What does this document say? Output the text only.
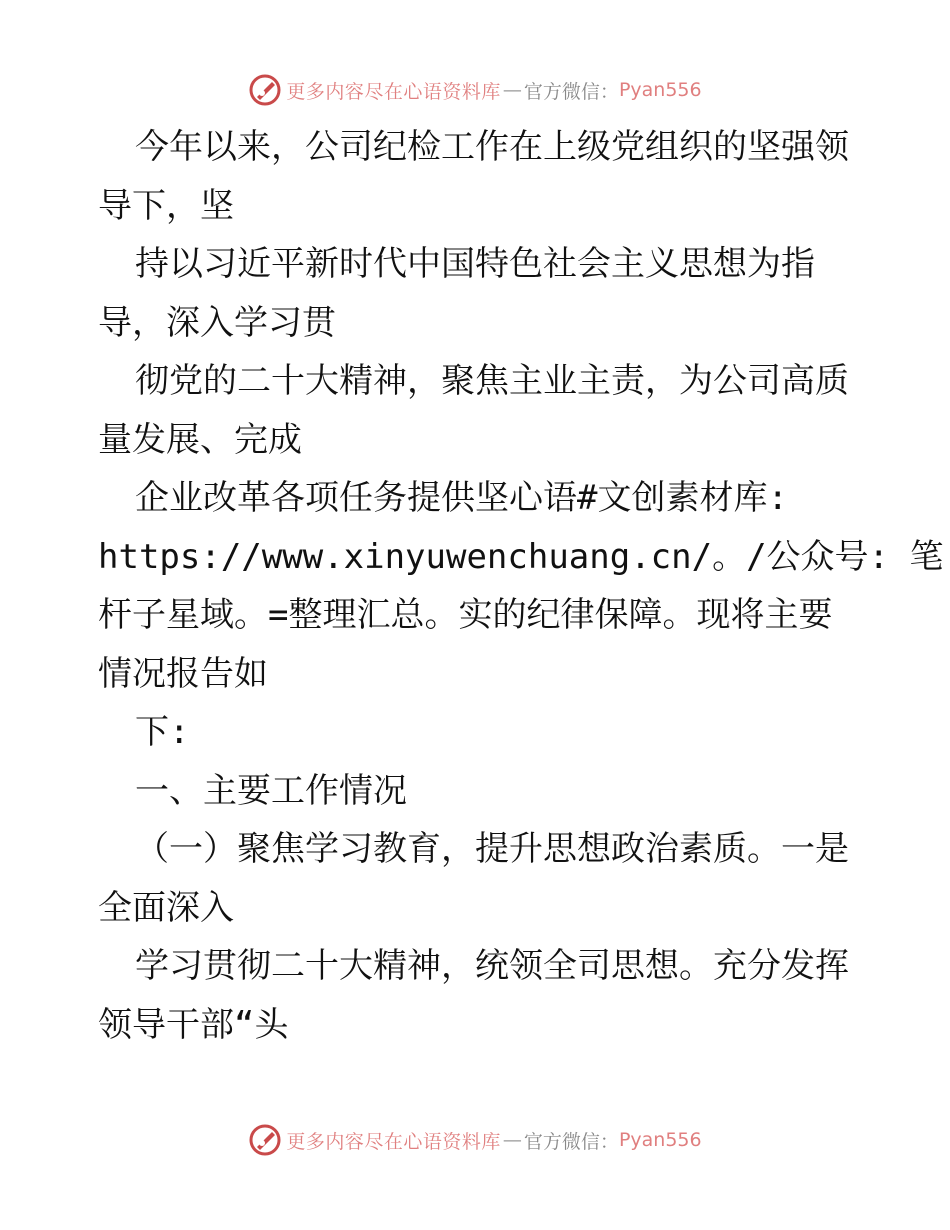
更多内容尽在心语资料库 — 官方微信： Pyan556
今年以来，公司纪检工作在上级党组织的坚强领
导下，坚
持以习近平新时代中国特色社会主义思想为指
导，深入学习贯
彻党的二十大精神，聚焦主业主责，为公司高质
量发展、完成
企业改革各项任务提供坚心语#文创素材库:
https://www.xinyuwenchuang.cn/。/公众号: 笔
杆子星域。=整理汇总。实的纪律保障。现将主要
情况报告如
下:
一、主要工作情况
（一）聚焦学习教育，提升思想政治素质。一是
全面深入
学习贯彻二十大精神，统领全司思想。充分发挥
领导干部“头
更多内容尽在心语资料库 — 官方微信： Pyan556
